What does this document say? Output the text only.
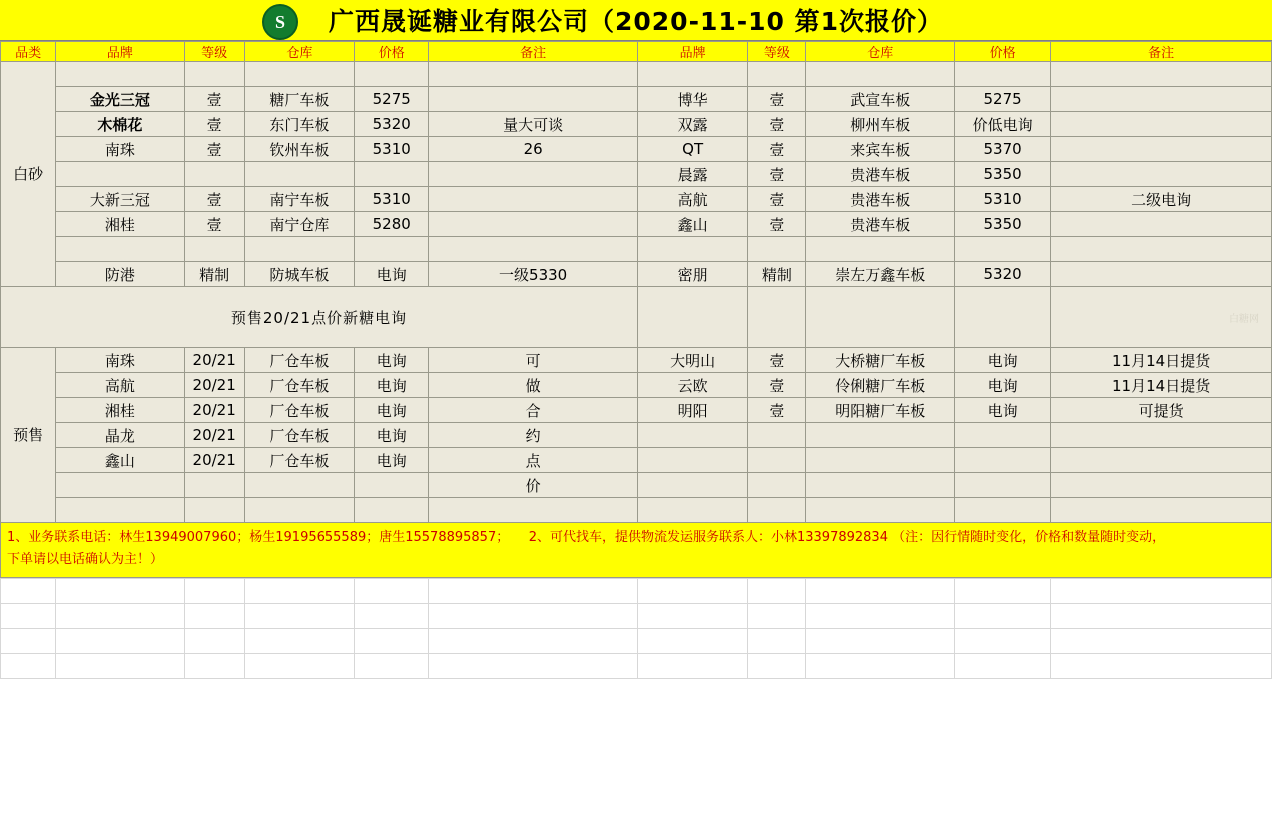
S 广西晟诞糖业有限公司（2020-11-10 第1次报价）
品类	品牌	等级	仓库	价格	备注	品牌	等级	仓库	价格	备注
白砂										
	金光三冠	壹	糖厂车板	5275		博华	壹	武宣车板	5275	
	木棉花	壹	东门车板	5320	量大可谈	双露	壹	柳州车板	价低电询	
	南珠	壹	钦州车板	5310	26	QT	壹	来宾车板	5370	
						晨露	壹	贵港车板	5350	
	大新三冠	壹	南宁车板	5310		高航	壹	贵港车板	5310	二级电询
	湘桂	壹	南宁仓库	5280		鑫山	壹	贵港车板	5350	

	防港	精制	防城车板	电询	一级5330	密朋	精制	崇左万鑫车板	5320	
预售20/21点价新糖电询										白糖网
预售	南珠	20/21	厂仓车板	电询	可	大明山	壹	大桥糖厂车板	电询	11月14日提货
	高航	20/21	厂仓车板	电询	做	云欧	壹	伶俐糖厂车板	电询	11月14日提货
	湘桂	20/21	厂仓车板	电询	合	明阳	壹	明阳糖厂车板	电询	可提货
	晶龙	20/21	厂仓车板	电询	约					
	鑫山	20/21	厂仓车板	电询	点					
					价					

1、业务联系电话：林生13949007960；杨生19195655589；唐生15578895857；　　2、可代找车，提供物流发运服务联系人：小林13397892834 （注：因行情随时变化，价格和数量随时变动，
下单请以电话确认为主！）
